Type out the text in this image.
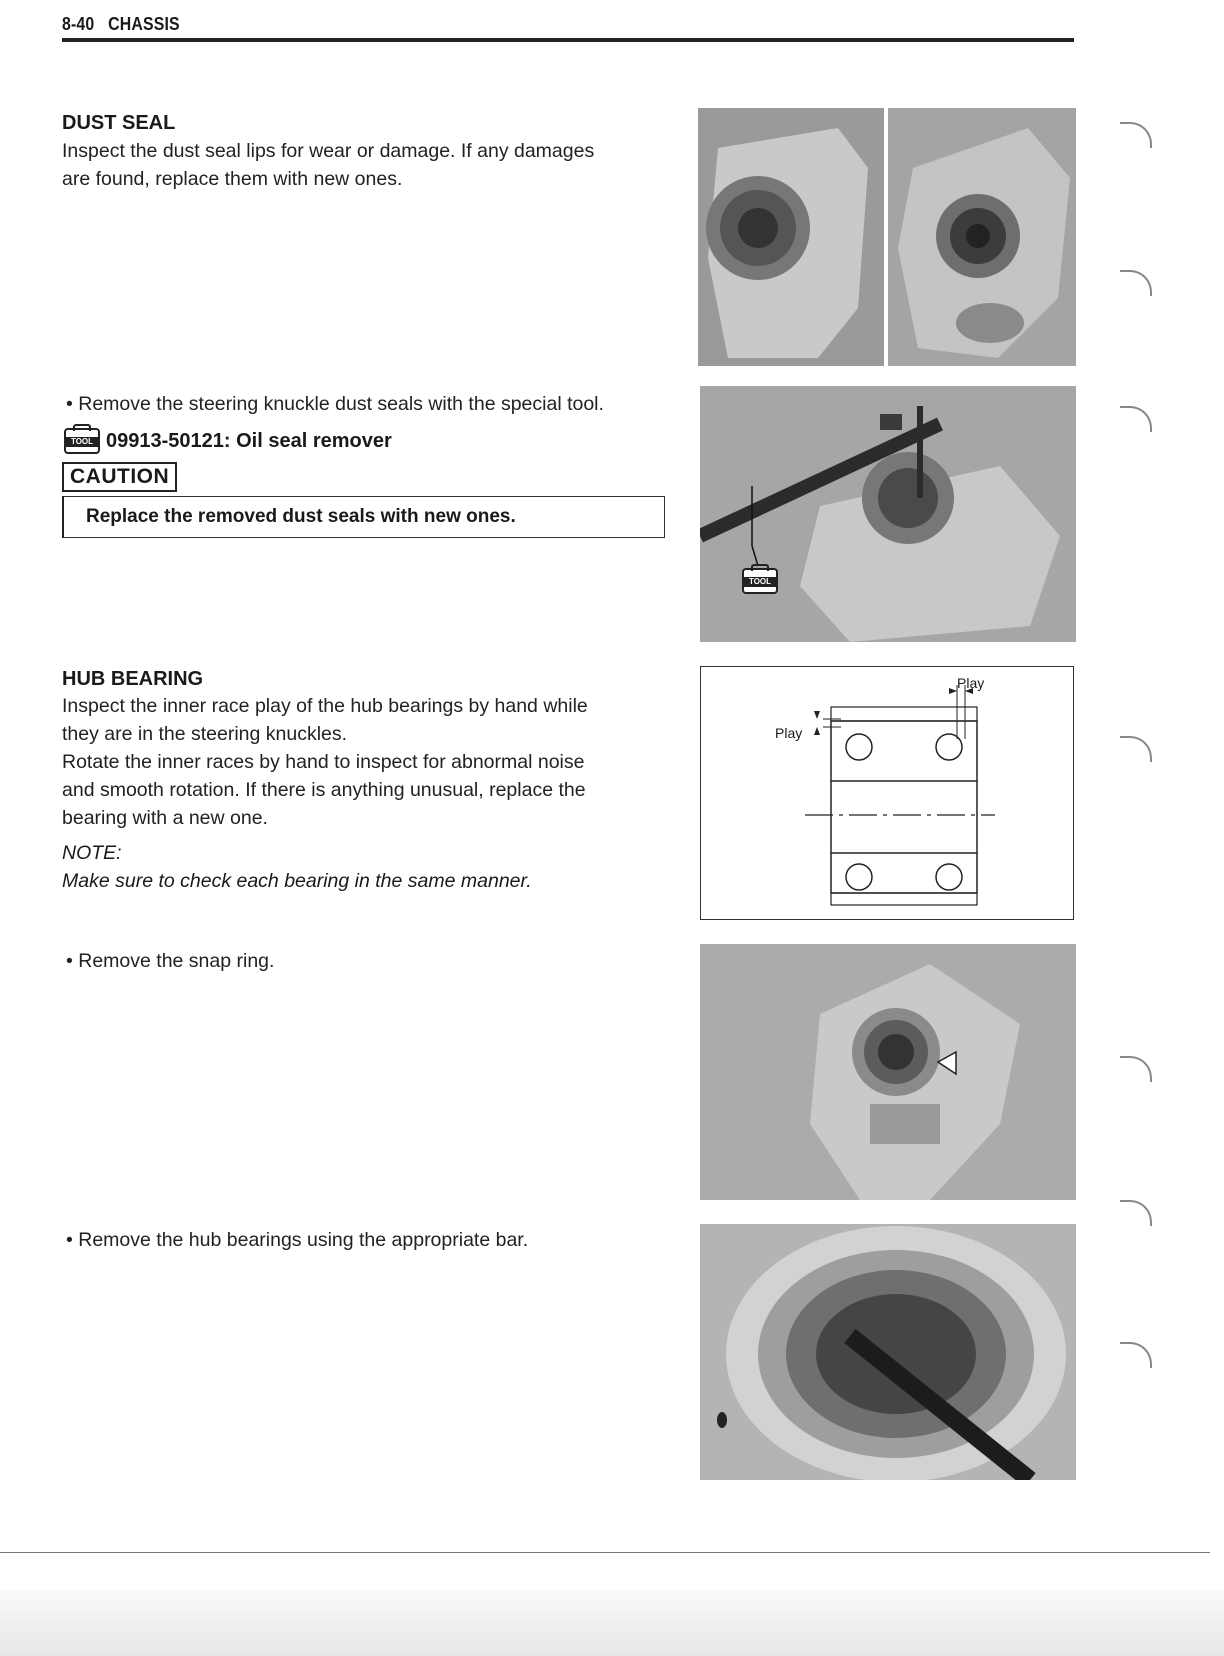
8-40 CHASSIS
DUST SEAL
Inspect the dust seal lips for wear or damage. If any damages
are found, replace them with new ones.
• Remove the steering knuckle dust seals with the special tool.
TOOL 09913-50121: Oil seal remover
CAUTION
Replace the removed dust seals with new ones.
HUB BEARING
Inspect the inner race play of the hub bearings by hand while
they are in the steering knuckles.
Rotate the inner races by hand to inspect for abnormal noise
and smooth rotation. If there is anything unusual, replace the
bearing with a new one.
NOTE:
Make sure to check each bearing in the same manner.
• Remove the snap ring.
• Remove the hub bearings using the appropriate bar.
TOOL
Play
Play
